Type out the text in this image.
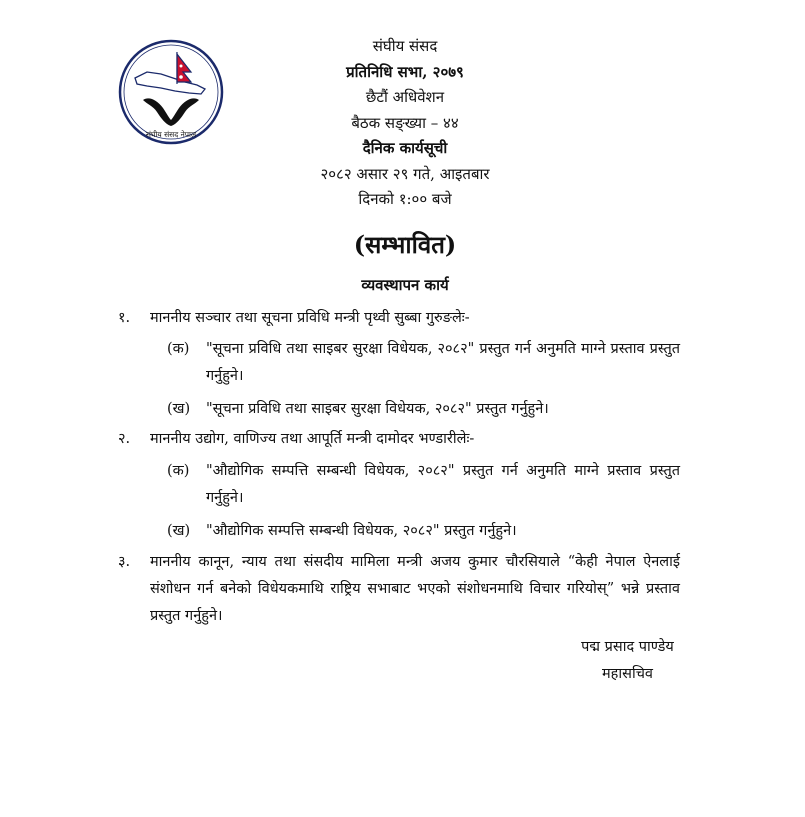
संघीय संसद नेपाल
संघीय संसद
प्रतिनिधि सभा, २०७९
छैटौं अधिवेशन
बैठक सङ्ख्या – ४४
दैनिक कार्यसूची
२०८२ असार २९ गते, आइतबार
दिनको १:०० बजे
(सम्भावित)
व्यवस्थापन कार्य
१. माननीय सञ्चार तथा सूचना प्रविधि मन्त्री पृथ्वी सुब्बा गुरुङलेः-
(क) "सूचना प्रविधि तथा साइबर सुरक्षा विधेयक, २०८२" प्रस्तुत गर्न अनुमति माग्ने प्रस्ताव प्रस्तुत गर्नुहुने।
(ख) "सूचना प्रविधि तथा साइबर सुरक्षा विधेयक, २०८२" प्रस्तुत गर्नुहुने।
२. माननीय उद्योग, वाणिज्य तथा आपूर्ति मन्त्री दामोदर भण्डारीलेः-
(क) "औद्योगिक सम्पत्ति सम्बन्धी विधेयक, २०८२" प्रस्तुत गर्न अनुमति माग्ने प्रस्ताव प्रस्तुत गर्नुहुने।
(ख) "औद्योगिक सम्पत्ति सम्बन्धी विधेयक, २०८२" प्रस्तुत गर्नुहुने।
३. माननीय कानून, न्याय तथा संसदीय मामिला मन्त्री अजय कुमार चौरसियाले “केही नेपाल ऐनलाई संशोधन गर्न बनेको विधेयकमाथि राष्ट्रिय सभाबाट भएको संशोधनमाथि विचार गरियोस्” भन्ने प्रस्ताव प्रस्तुत गर्नुहुने।
पद्म प्रसाद पाण्डेय
महासचिव
